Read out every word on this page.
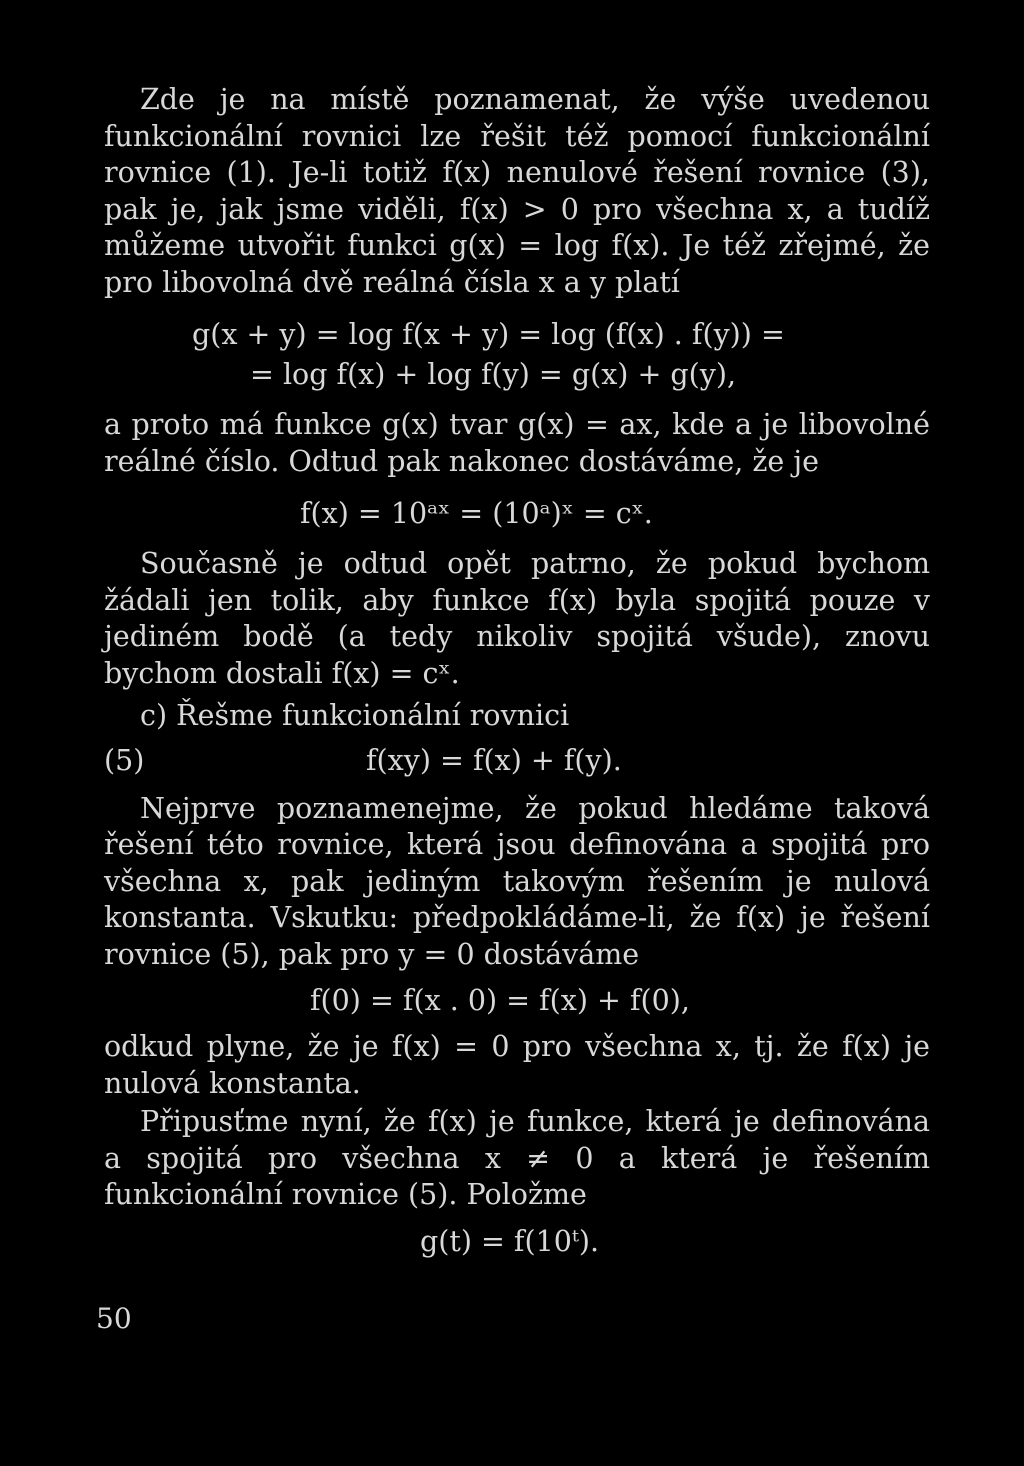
Zde je na místě poznamenat, že výše uvedenou funkcionální rovnici lze řešit též pomocí funkcionální rovnice (1). Je-li totiž f(x) nenulové řešení rovnice (3), pak je, jak jsme viděli, f(x) > 0 pro všechna x, a tudíž můžeme utvořit funkci g(x) = log f(x). Je též zřejmé, že pro libovolná dvě reálná čísla x a y platí

g(x + y) = log f(x + y) = log (f(x) . f(y)) =
= log f(x) + log f(y) = g(x) + g(y),

a proto má funkce g(x) tvar g(x) = ax, kde a je libovolné reálné číslo. Odtud pak nakonec dostáváme, že je

f(x) = 10ᵃˣ = (10ᵃ)ˣ = cˣ.

Současně je odtud opět patrno, že pokud bychom žádali jen tolik, aby funkce f(x) byla spojitá pouze v jediném bodě (a tedy nikoliv spojitá všude), znovu bychom dostali f(x) = cˣ.

c) Řešme funkcionální rovnici

(5)	f(xy) = f(x) + f(y).

Nejprve poznamenejme, že pokud hledáme taková řešení této rovnice, která jsou definována a spojitá pro všechna x, pak jediným takovým řešením je nulová konstanta. Vskutku: předpokládáme-li, že f(x) je řešení rovnice (5), pak pro y = 0 dostáváme

f(0) = f(x . 0) = f(x) + f(0),

odkud plyne, že je f(x) = 0 pro všechna x, tj. že f(x) je nulová konstanta.

Připusťme nyní, že f(x) je funkce, která je definována a spojitá pro všechna x ≠ 0 a která je řešením funkcionální rovnice (5). Položme

g(t) = f(10ᵗ).
50
